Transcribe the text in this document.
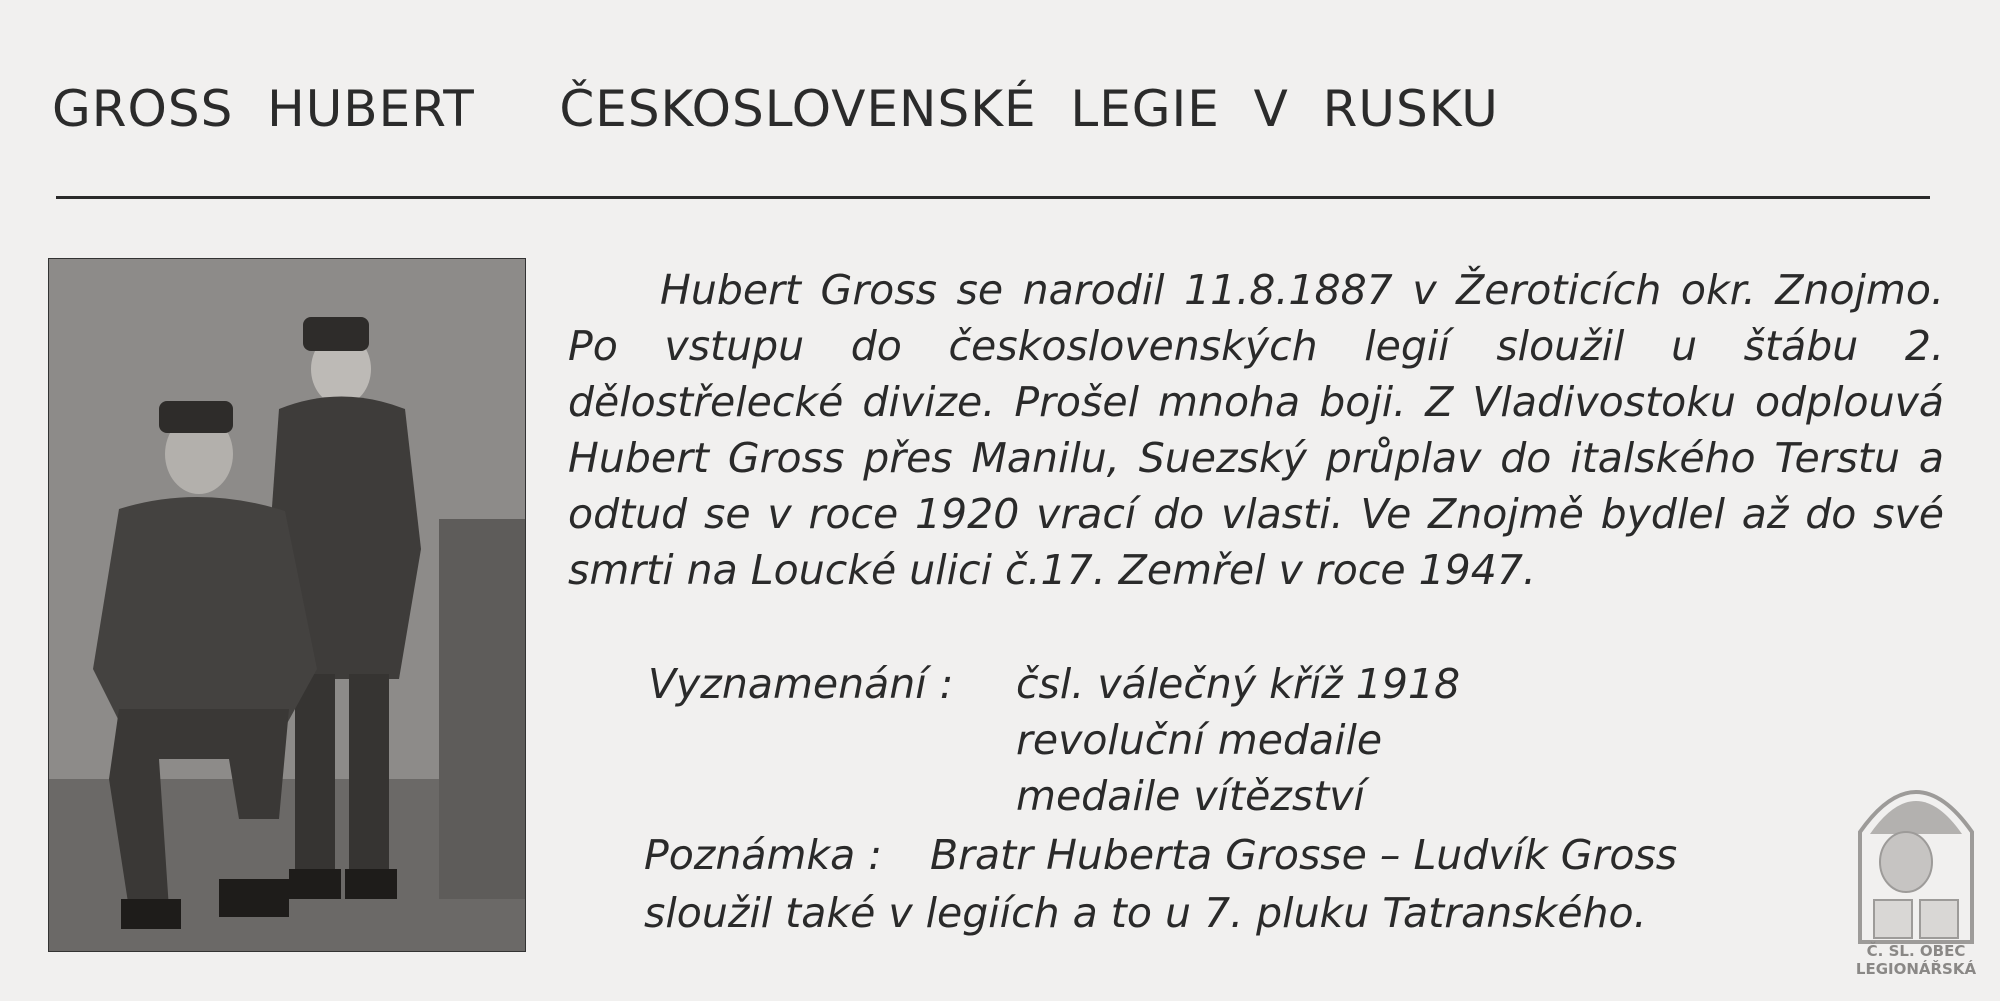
GROSS  HUBERT ČESKOSLOVENSKÉ  LEGIE  V  RUSKU
Hubert Gross se narodil 11.8.1887 v Žeroticích okr. Znojmo. Po vstupu do československých legií sloužil u štábu 2. dělostřelecké divize. Prošel mnoha boji. Z Vladivostoku odplouvá Hubert Gross přes Manilu, Suezský průplav do italského Terstu a odtud se v roce 1920 vrací do vlasti. Ve Znojmě bydlel až do své smrti na Loucké ulici č.17. Zemřel v roce 1947.
Vyznamenání : čsl. válečný kříž 1918
revoluční medaile
medaile vítězství
Poznámka : Bratr Huberta Grosse – Ludvík Gross
sloužil také v legiích a to u 7. pluku Tatranského.
Č. SL. OBEC
LEGIONÁŘSKÁ
